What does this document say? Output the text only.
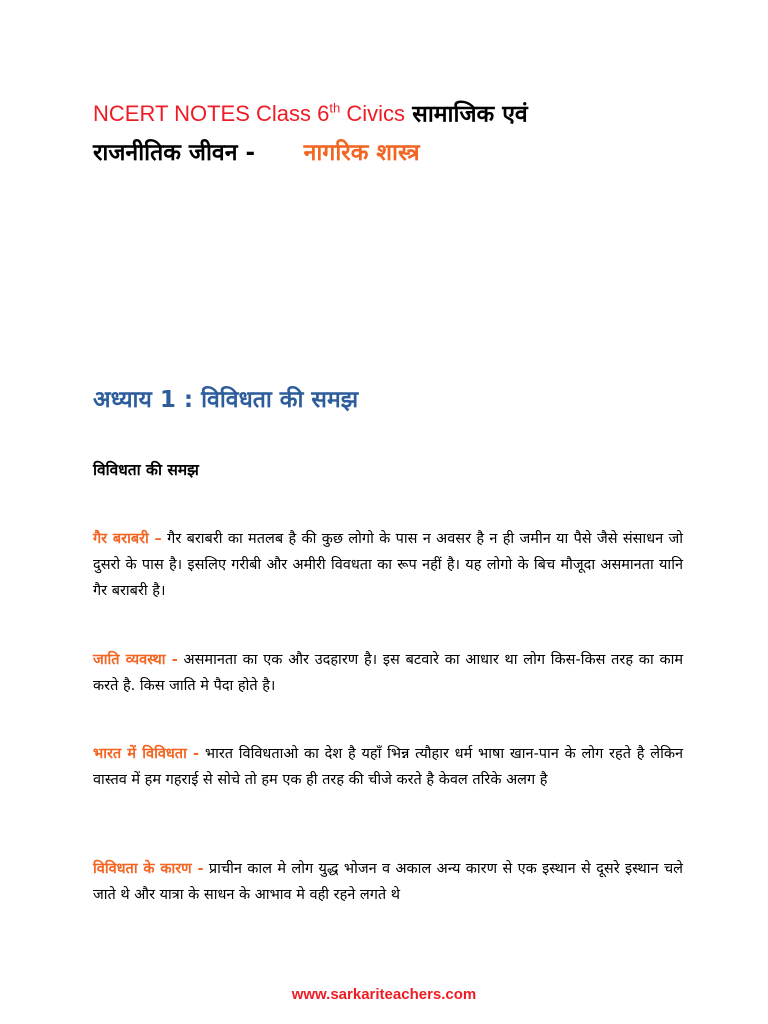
NCERT NOTES Class 6th Civics सामाजिक एवं
राजनीतिक जीवन - नागरिक शास्त्र
अध्याय 1 : विविधता की समझ
विविधता की समझ
गैर बराबरी – गैर बराबरी का मतलब है की कुछ लोगो के पास न अवसर है न ही जमीन या पैसे जैसे संसाधन जो दुसरो के पास है। इसलिए गरीबी और अमीरी विवधता का रूप नहीं है। यह लोगो के बिच मौजूदा असमानता यानि गैर बराबरी है।
जाति व्यवस्था - असमानता का एक और उदहारण है। इस बटवारे का आधार था लोग किस-किस तरह का काम करते है. किस जाति मे पैदा होते है।
भारत में विविधता - भारत विविधताओ का देश है यहाँ भिन्न त्यौहार धर्म भाषा खान-पान के लोग रहते है लेकिन वास्तव में हम गहराई से सोचे तो हम एक ही तरह की चीजे करते है केवल तरिके अलग है
विविधता के कारण - प्राचीन काल मे लोग युद्ध भोजन व अकाल अन्य कारण से एक इस्थान से दूसरे इस्थान चले जाते थे और यात्रा के साधन के आभाव मे वही रहने लगते थे
www.sarkariteachers.com
